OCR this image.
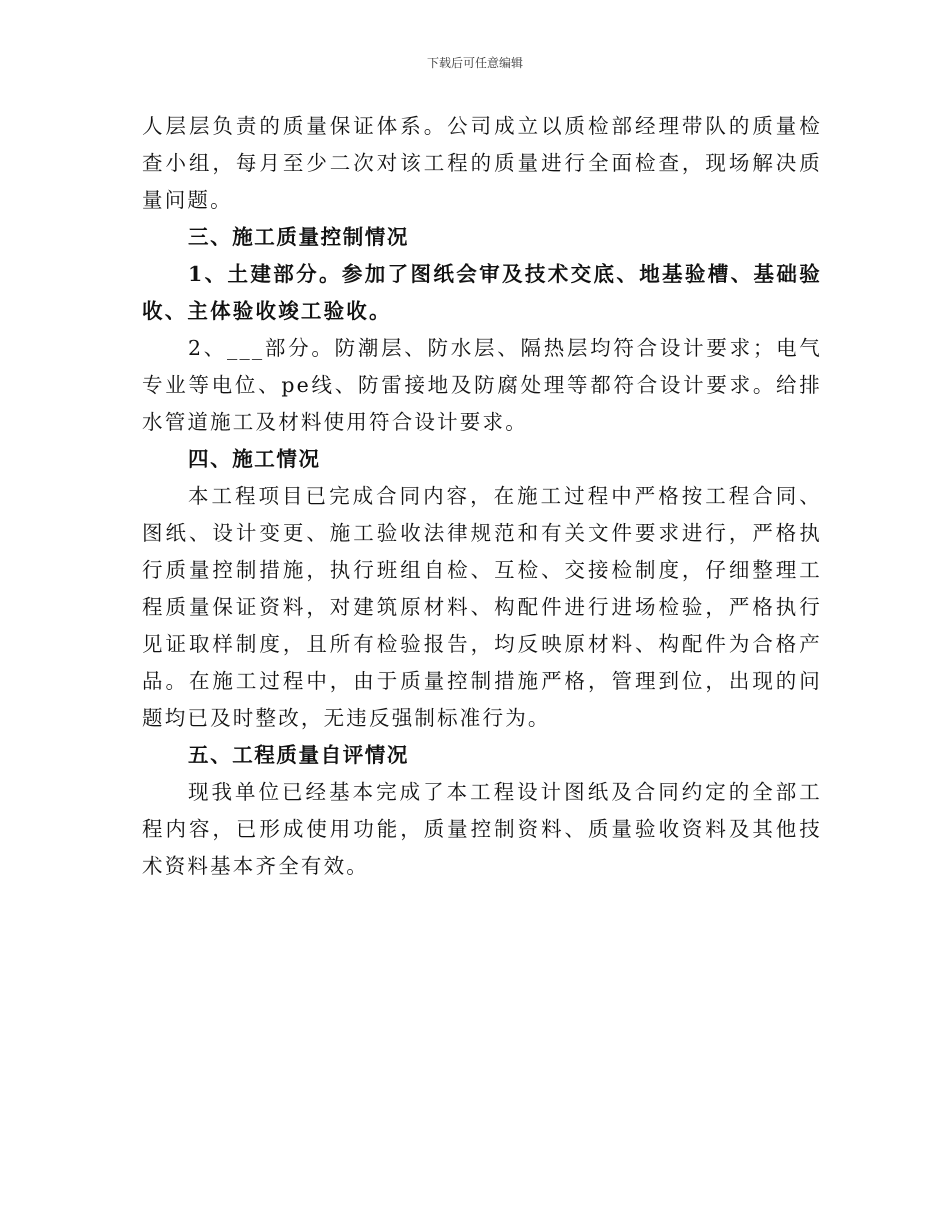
下载后可任意编辑

人层层负责的质量保证体系。公司成立以质检部经理带队的质量检查小组，每月至少二次对该工程的质量进行全面检查，现场解决质量问题。

三、施工质量控制情况

1、土建部分。参加了图纸会审及技术交底、地基验槽、基础验收、主体验收竣工验收。

2、___部分。防潮层、防水层、隔热层均符合设计要求；电气专业等电位、pe线、防雷接地及防腐处理等都符合设计要求。给排水管道施工及材料使用符合设计要求。

四、施工情况

本工程项目已完成合同内容，在施工过程中严格按工程合同、图纸、设计变更、施工验收法律规范和有关文件要求进行，严格执行质量控制措施，执行班组自检、互检、交接检制度，仔细整理工程质量保证资料，对建筑原材料、构配件进行进场检验，严格执行见证取样制度，且所有检验报告，均反映原材料、构配件为合格产品。在施工过程中，由于质量控制措施严格，管理到位，出现的问题均已及时整改，无违反强制标准行为。

五、工程质量自评情况

现我单位已经基本完成了本工程设计图纸及合同约定的全部工程内容，已形成使用功能，质量控制资料、质量验收资料及其他技术资料基本齐全有效。
